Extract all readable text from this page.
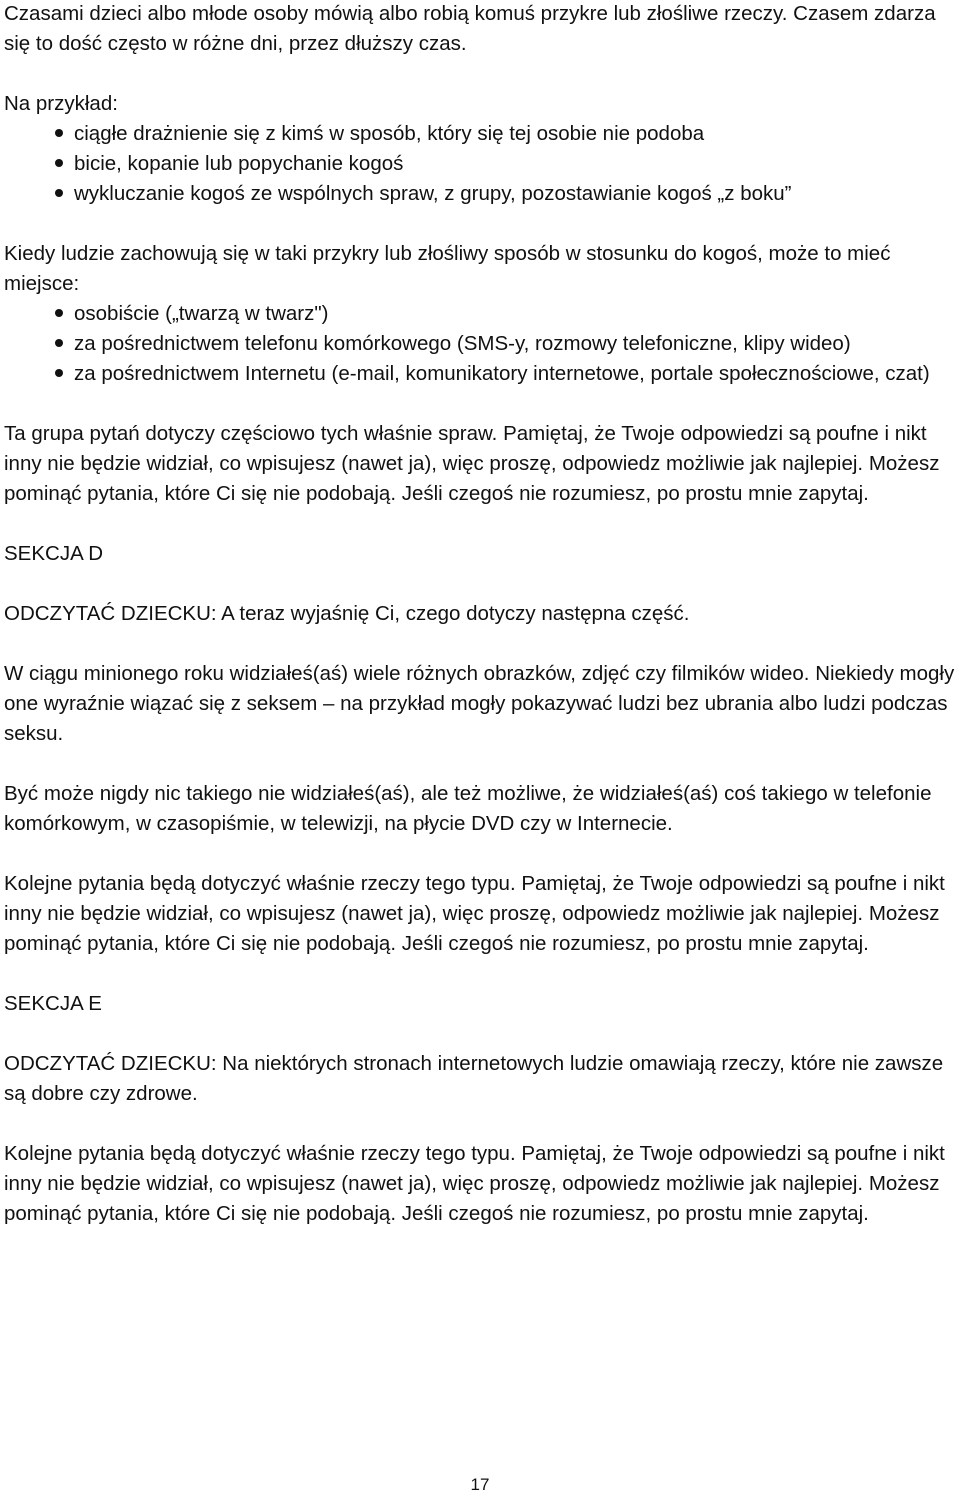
Czasami dzieci albo młode osoby mówią albo robią komuś przykre lub złośliwe rzeczy. Czasem zdarza się to dość często w różne dni, przez dłuższy czas.

Na przykład:

ciągłe drażnienie się z kimś w sposób, który się tej osobie nie podoba
bicie, kopanie lub popychanie kogoś
wykluczanie kogoś ze wspólnych spraw, z grupy, pozostawianie kogoś „z boku”

Kiedy ludzie zachowują się w taki przykry lub złośliwy sposób w stosunku do kogoś, może to mieć miejsce:

osobiście („twarzą w twarz")
za pośrednictwem telefonu komórkowego (SMS-y, rozmowy telefoniczne, klipy wideo)
za pośrednictwem Internetu (e-mail, komunikatory internetowe, portale społecznościowe, czat)

Ta grupa pytań dotyczy częściowo tych właśnie spraw. Pamiętaj, że Twoje odpowiedzi są poufne i nikt inny nie będzie widział, co wpisujesz (nawet ja), więc proszę, odpowiedz możliwie jak najlepiej. Możesz pominąć pytania, które Ci się nie podobają. Jeśli czegoś nie rozumiesz, po prostu mnie zapytaj.

SEKCJA D

ODCZYTAĆ DZIECKU: A teraz wyjaśnię Ci, czego dotyczy następna część.

W ciągu minionego roku widziałeś(aś) wiele różnych obrazków, zdjęć czy filmików wideo. Niekiedy mogły one wyraźnie wiązać się z seksem – na przykład mogły pokazywać ludzi bez ubrania albo ludzi podczas seksu.

Być może nigdy nic takiego nie widziałeś(aś), ale też możliwe, że widziałeś(aś) coś takiego w telefonie komórkowym, w czasopiśmie, w telewizji, na płycie DVD czy w Internecie.

Kolejne pytania będą dotyczyć właśnie rzeczy tego typu. Pamiętaj, że Twoje odpowiedzi są poufne i nikt inny nie będzie widział, co wpisujesz (nawet ja), więc proszę, odpowiedz możliwie jak najlepiej. Możesz pominąć pytania, które Ci się nie podobają. Jeśli czegoś nie rozumiesz, po prostu mnie zapytaj.

SEKCJA E

ODCZYTAĆ DZIECKU: Na niektórych stronach internetowych ludzie omawiają rzeczy, które nie zawsze są dobre czy zdrowe.

Kolejne pytania będą dotyczyć właśnie rzeczy tego typu. Pamiętaj, że Twoje odpowiedzi są poufne i nikt inny nie będzie widział, co wpisujesz (nawet ja), więc proszę, odpowiedz możliwie jak najlepiej. Możesz pominąć pytania, które Ci się nie podobają. Jeśli czegoś nie rozumiesz, po prostu mnie zapytaj.

17
